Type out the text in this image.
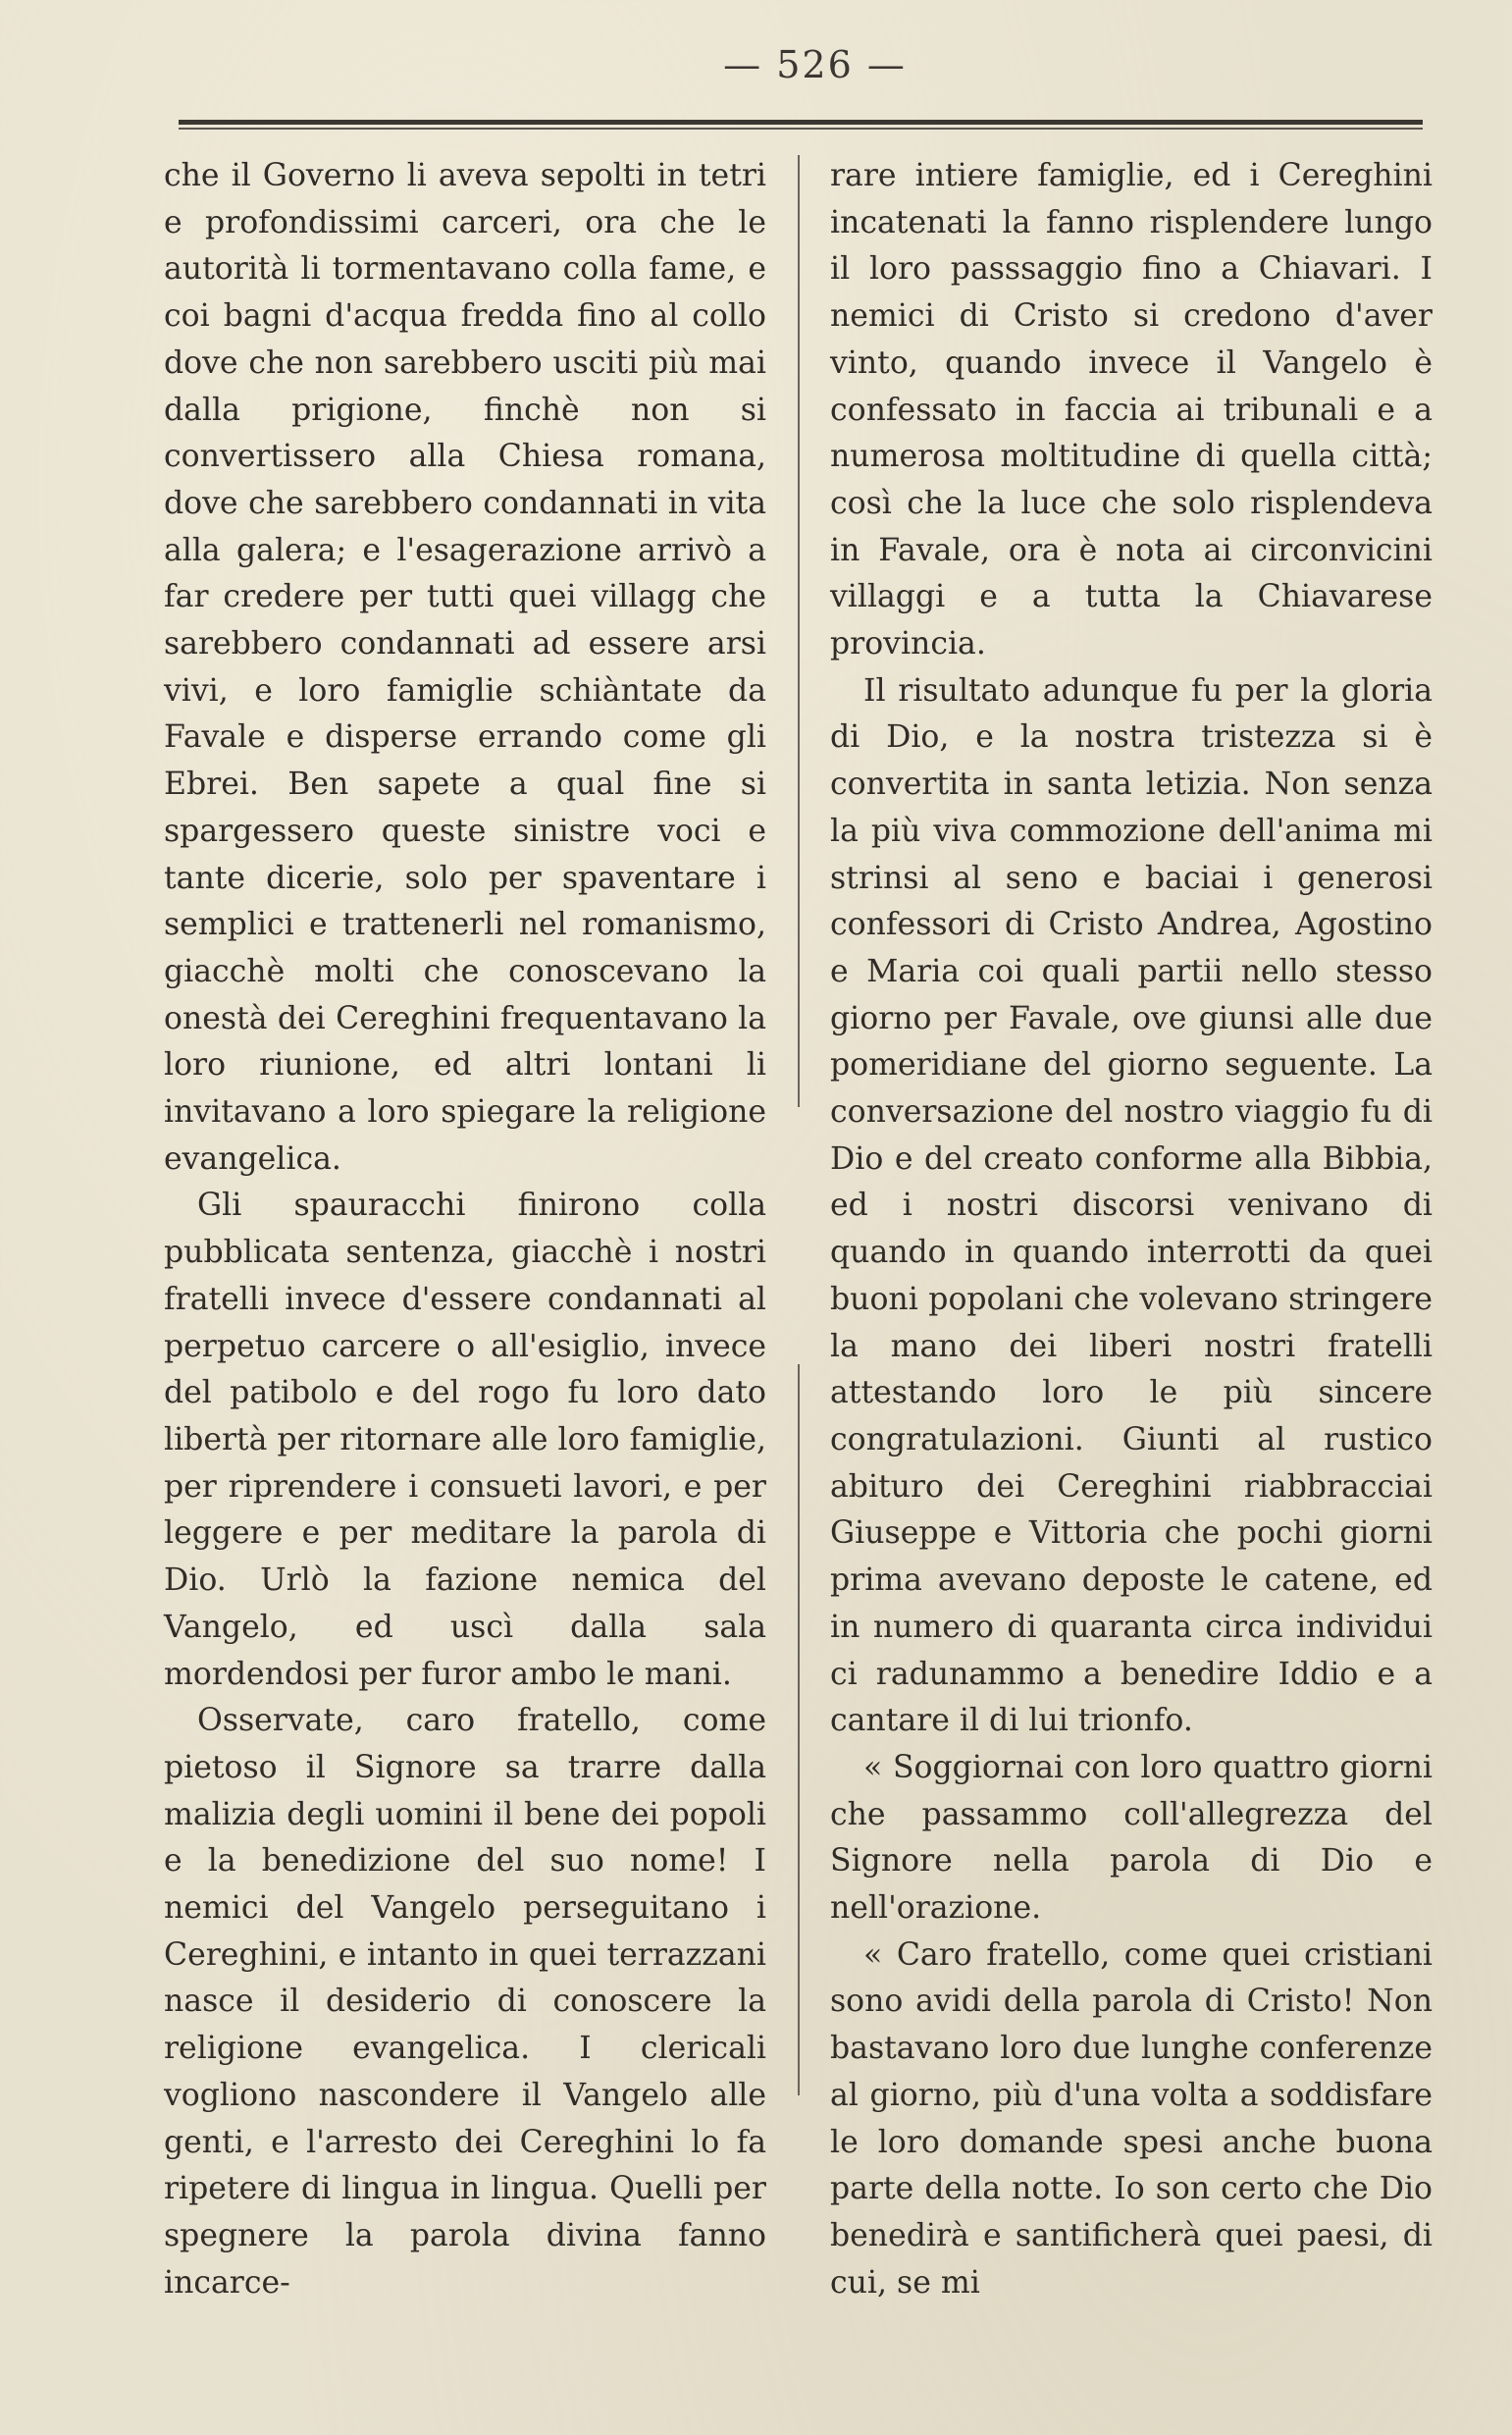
— 526 —

che il Governo li aveva sepolti in tetri e profondissimi carceri, ora che le autorità li tormentavano colla fame, e coi bagni d'acqua fredda fino al collo dove che non sarebbero usciti più mai dalla prigione, finchè non si convertissero alla Chiesa romana, dove che sarebbero condannati in vita alla galera; e l'esagerazione arrivò a far credere per tutti quei villagg che sarebbero condannati ad essere arsi vivi, e loro famiglie schiàntate da Favale e disperse errando come gli Ebrei. Ben sapete a qual fine si spargessero queste sinistre voci e tante dicerie, solo per spaventare i semplici e trattenerli nel romanismo, giacchè molti che conoscevano la onestà dei Cereghini frequentavano la loro riunione, ed altri lontani li invitavano a loro spiegare la religione evangelica.

Gli spauracchi finirono colla pubblicata sentenza, giacchè i nostri fratelli invece d'essere condannati al perpetuo carcere o all'esiglio, invece del patibolo e del rogo fu loro dato libertà per ritornare alle loro famiglie, per riprendere i consueti lavori, e per leggere e per meditare la parola di Dio. Urlò la fazione nemica del Vangelo, ed uscì dalla sala mordendosi per furor ambo le mani.

Osservate, caro fratello, come pietoso il Signore sa trarre dalla malizia degli uomini il bene dei popoli e la benedizione del suo nome! I nemici del Vangelo perseguitano i Cereghini, e intanto in quei terrazzani nasce il desiderio di conoscere la religione evangelica. I clericali vogliono nascondere il Vangelo alle genti, e l'arresto dei Cereghini lo fa ripetere di lingua in lingua. Quelli per spegnere la parola divina fanno incarce-

rare intiere famiglie, ed i Cereghini incatenati la fanno risplendere lungo il loro passsaggio fino a Chiavari. I nemici di Cristo si credono d'aver vinto, quando invece il Vangelo è confessato in faccia ai tribunali e a numerosa moltitudine di quella città; così che la luce che solo risplendeva in Favale, ora è nota ai circonvicini villaggi e a tutta la Chiavarese provincia.

Il risultato adunque fu per la gloria di Dio, e la nostra tristezza si è convertita in santa letizia. Non senza la più viva commozione dell'anima mi strinsi al seno e baciai i generosi confessori di Cristo Andrea, Agostino e Maria coi quali partii nello stesso giorno per Favale, ove giunsi alle due pomeridiane del giorno seguente. La conversazione del nostro viaggio fu di Dio e del creato conforme alla Bibbia, ed i nostri discorsi venivano di quando in quando interrotti da quei buoni popolani che volevano stringere la mano dei liberi nostri fratelli attestando loro le più sincere congratulazioni. Giunti al rustico abituro dei Cereghini riabbracciai Giuseppe e Vittoria che pochi giorni prima avevano deposte le catene, ed in numero di quaranta circa individui ci radunammo a benedire Iddio e a cantare il di lui trionfo.

« Soggiornai con loro quattro giorni che passammo coll'allegrezza del Signore nella parola di Dio e nell'orazione.

« Caro fratello, come quei cristiani sono avidi della parola di Cristo! Non bastavano loro due lunghe conferenze al giorno, più d'una volta a soddisfare le loro domande spesi anche buona parte della notte. Io son certo che Dio benedirà e santificherà quei paesi, di cui, se mi
